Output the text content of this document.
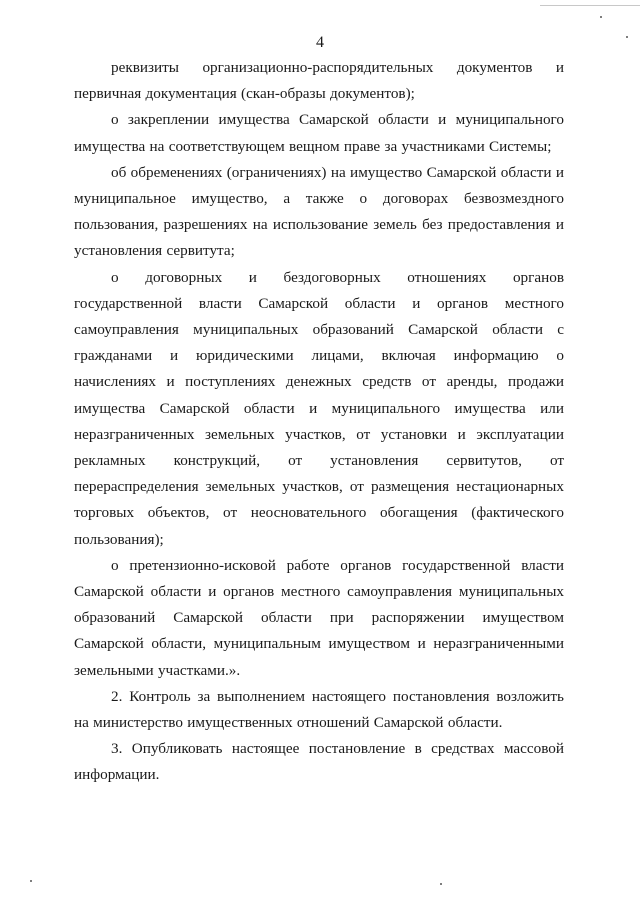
4

реквизиты организационно-распорядительных документов и первичная документация (скан-образы документов);

о закреплении имущества Самарской области и муниципального имущества на соответствующем вещном праве за участниками Системы;

об обременениях (ограничениях) на имущество Самарской области и муниципальное имущество, а также о договорах безвозмездного пользования, разрешениях на использование земель без предоставления и установления сервитута;

о договорных и бездоговорных отношениях органов государственной власти Самарской области и органов местного самоуправления муниципальных образований Самарской области с гражданами и юридическими лицами, включая информацию о начислениях и поступлениях денежных средств от аренды, продажи имущества Самарской области и муниципального имущества или неразграниченных земельных участков, от установки и эксплуатации рекламных конструкций, от установления сервитутов, от перераспределения земельных участков, от размещения нестационарных торговых объектов, от неосновательного обогащения (фактического пользования);

о претензионно-исковой работе органов государственной власти Самарской области и органов местного самоуправления муниципальных образований Самарской области при распоряжении имуществом Самарской области, муниципальным имуществом и неразграниченными земельными участками.».

2. Контроль за выполнением настоящего постановления возложить на министерство имущественных отношений Самарской области.

3. Опубликовать настоящее постановление в средствах массовой информации.
